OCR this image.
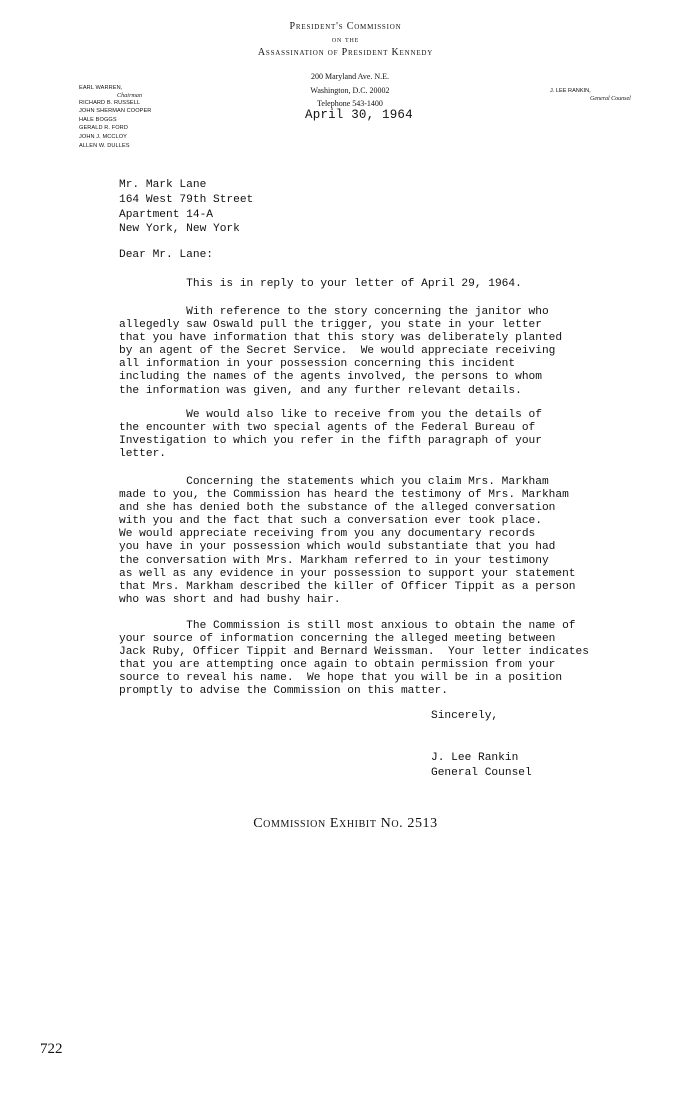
President's Commission
on the
Assassination of President Kennedy
200 Maryland Ave. N.E.
Washington, D.C. 20002
Telephone 543-1400
April 30, 1964
EARL WARREN,
Chairman
RICHARD B. RUSSELL
JOHN SHERMAN COOPER
HALE BOGGS
GERALD R. FORD
JOHN J. MCCLOY
ALLEN W. DULLES
J. LEE RANKIN,
General Counsel
Mr. Mark Lane
164 West 79th Street
Apartment 14-A
New York, New York
Dear Mr. Lane:
This is in reply to your letter of April 29, 1964.
With reference to the story concerning the janitor who
allegedly saw Oswald pull the trigger, you state in your letter
that you have information that this story was deliberately planted
by an agent of the Secret Service.  We would appreciate receiving
all information in your possession concerning this incident
including the names of the agents involved, the persons to whom
the information was given, and any further relevant details.
We would also like to receive from you the details of
the encounter with two special agents of the Federal Bureau of
Investigation to which you refer in the fifth paragraph of your
letter.
Concerning the statements which you claim Mrs. Markham
made to you, the Commission has heard the testimony of Mrs. Markham
and she has denied both the substance of the alleged conversation
with you and the fact that such a conversation ever took place.
We would appreciate receiving from you any documentary records
you have in your possession which would substantiate that you had
the conversation with Mrs. Markham referred to in your testimony
as well as any evidence in your possession to support your statement
that Mrs. Markham described the killer of Officer Tippit as a person
who was short and had bushy hair.
The Commission is still most anxious to obtain the name of
your source of information concerning the alleged meeting between
Jack Ruby, Officer Tippit and Bernard Weissman.  Your letter indicates
that you are attempting once again to obtain permission from your
source to reveal his name.  We hope that you will be in a position
promptly to advise the Commission on this matter.
Sincerely,
J. Lee Rankin
General Counsel
Commission Exhibit No. 2513
722
